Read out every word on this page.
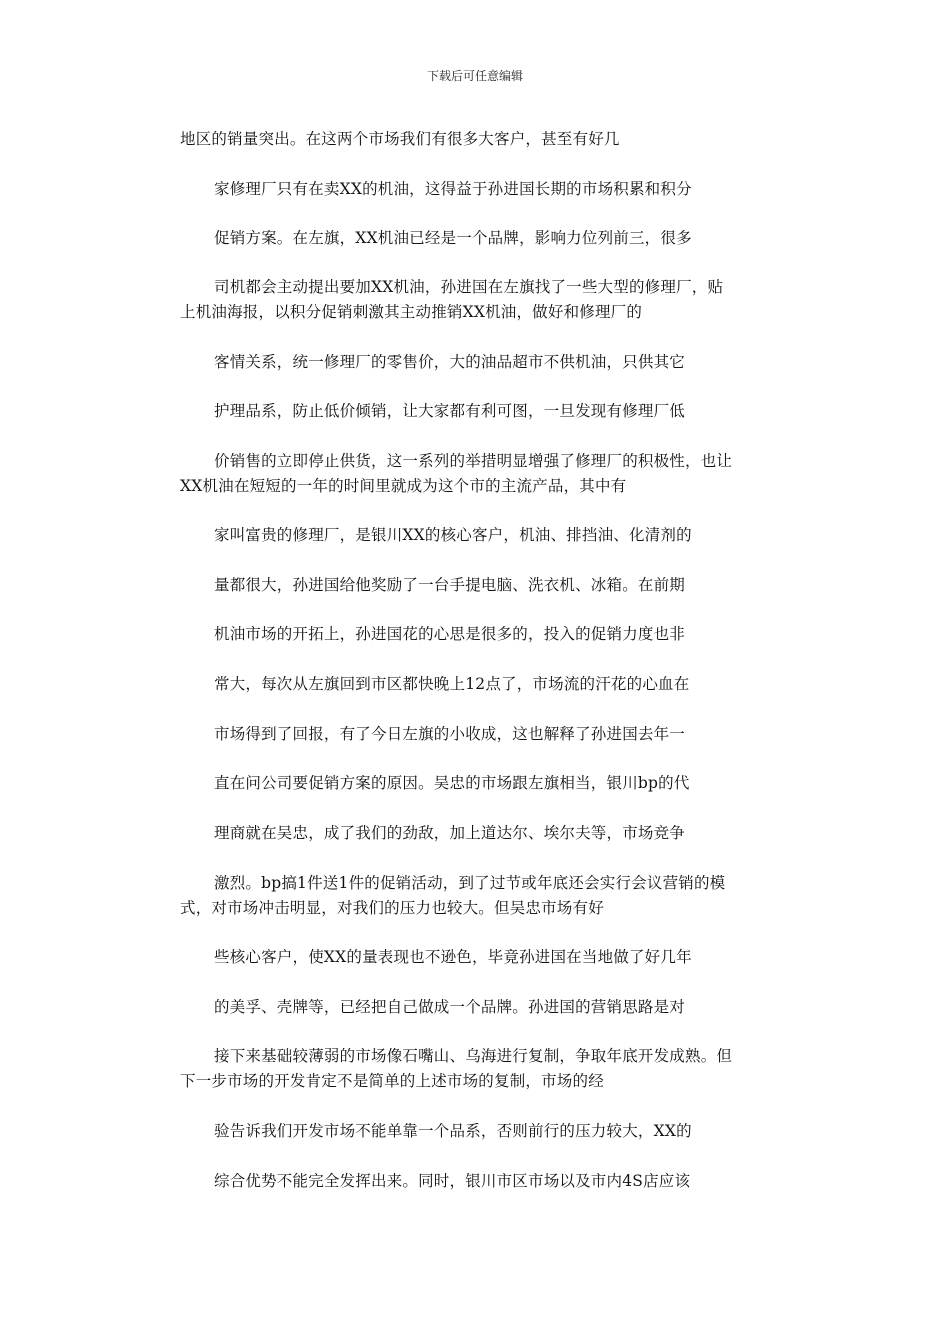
下载后可任意编辑
地区的销量突出。在这两个市场我们有很多大客户，甚至有好几
家修理厂只有在卖XX的机油，这得益于孙进国长期的市场积累和积分
促销方案。在左旗，XX机油已经是一个品牌，影响力位列前三，很多
司机都会主动提出要加XX机油，孙进国在左旗找了一些大型的修理厂，贴
上机油海报，以积分促销刺激其主动推销XX机油，做好和修理厂的
客情关系，统一修理厂的零售价，大的油品超市不供机油，只供其它
护理品系，防止低价倾销，让大家都有利可图，一旦发现有修理厂低
价销售的立即停止供货，这一系列的举措明显增强了修理厂的积极性，也让
XX机油在短短的一年的时间里就成为这个市的主流产品，其中有
家叫富贵的修理厂，是银川XX的核心客户，机油、排挡油、化清剂的
量都很大，孙进国给他奖励了一台手提电脑、洗衣机、冰箱。在前期
机油市场的开拓上，孙进国花的心思是很多的，投入的促销力度也非
常大，每次从左旗回到市区都快晚上12点了，市场流的汗花的心血在
市场得到了回报，有了今日左旗的小收成，这也解释了孙进国去年一
直在问公司要促销方案的原因。吴忠的市场跟左旗相当，银川bp的代
理商就在吴忠，成了我们的劲敌，加上道达尔、埃尔夫等，市场竞争
激烈。bp搞1件送1件的促销活动，到了过节或年底还会实行会议营销的模
式，对市场冲击明显，对我们的压力也较大。但吴忠市场有好
些核心客户，使XX的量表现也不逊色，毕竟孙进国在当地做了好几年
的美孚、壳牌等，已经把自己做成一个品牌。孙进国的营销思路是对
接下来基础较薄弱的市场像石嘴山、乌海进行复制，争取年底开发成熟。但
下一步市场的开发肯定不是简单的上述市场的复制，市场的经
验告诉我们开发市场不能单靠一个品系，否则前行的压力较大，XX的
综合优势不能完全发挥出来。同时，银川市区市场以及市内4S店应该
